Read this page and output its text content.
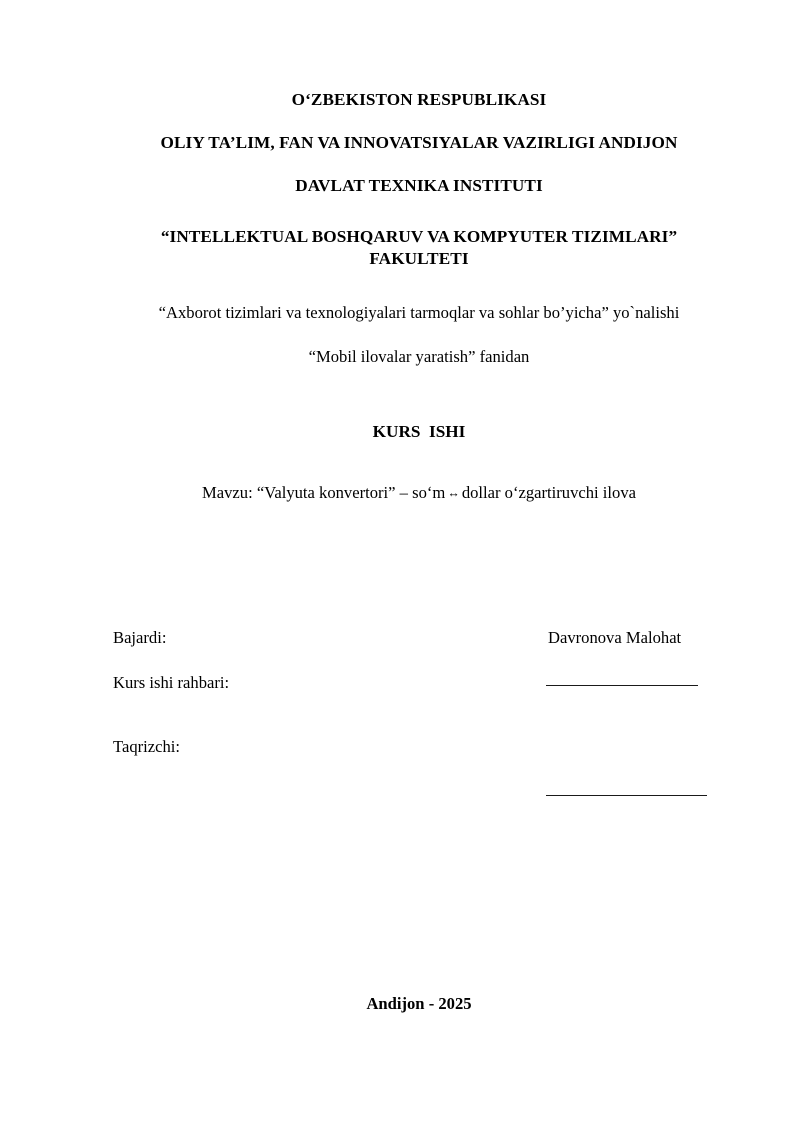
O‘ZBEKISTON RESPUBLIKASI
OLIY TA’LIM, FAN VA INNOVATSIYALAR VAZIRLIGI ANDIJON
DAVLAT TEXNIKA INSTITUTI
“INTELLEKTUAL BOSHQARUV VA KOMPYUTER TIZIMLARI”
FAKULTETI
“Axborot tizimlari va texnologiyalari tarmoqlar va sohlar bo’yicha” yo`nalishi
“Mobil ilovalar yaratish” fanidan
KURS  ISHI
Mavzu: “Valyuta konvertori” – so‘m ↔ dollar o‘zgartiruvchi ilova
Bajardi:	Davronova Malohat
Kurs ishi rahbari:
Taqrizchi:
Andijon - 2025
